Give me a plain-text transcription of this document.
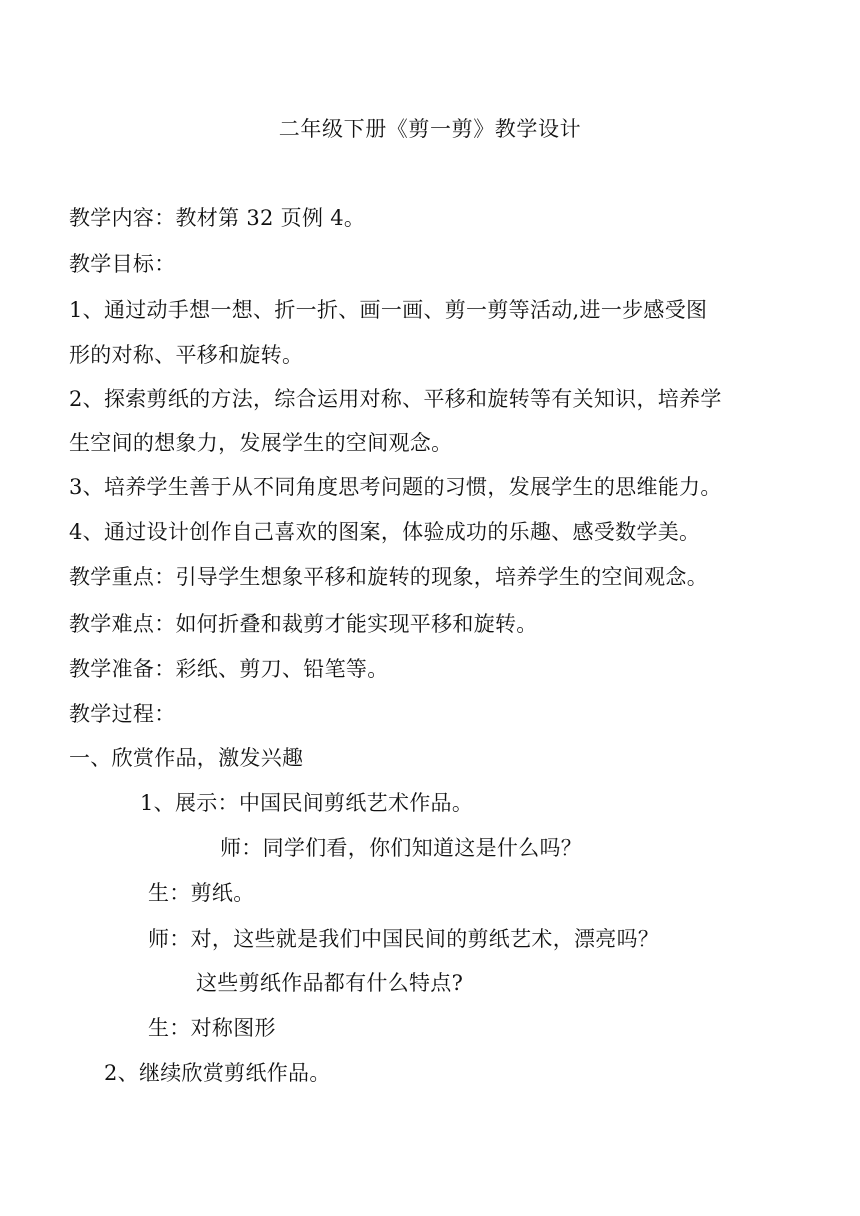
二年级下册《剪一剪》教学设计
教学内容：教材第 32 页例 4。
教学目标：
1、通过动手想一想、折一折、画一画、剪一剪等活动,进一步感受图
形的对称、平移和旋转。
2、探索剪纸的方法，综合运用对称、平移和旋转等有关知识，培养学
生空间的想象力，发展学生的空间观念。
3、培养学生善于从不同角度思考问题的习惯，发展学生的思维能力。
4、通过设计创作自己喜欢的图案，体验成功的乐趣、感受数学美。
教学重点：引导学生想象平移和旋转的现象，培养学生的空间观念。
教学难点：如何折叠和裁剪才能实现平移和旋转。
教学准备：彩纸、剪刀、铅笔等。
教学过程：
一、欣赏作品，激发兴趣
1、展示：中国民间剪纸艺术作品。
师：同学们看，你们知道这是什么吗？
生：剪纸。
师：对，这些就是我们中国民间的剪纸艺术，漂亮吗？
这些剪纸作品都有什么特点?
生：对称图形
2、继续欣赏剪纸作品。
